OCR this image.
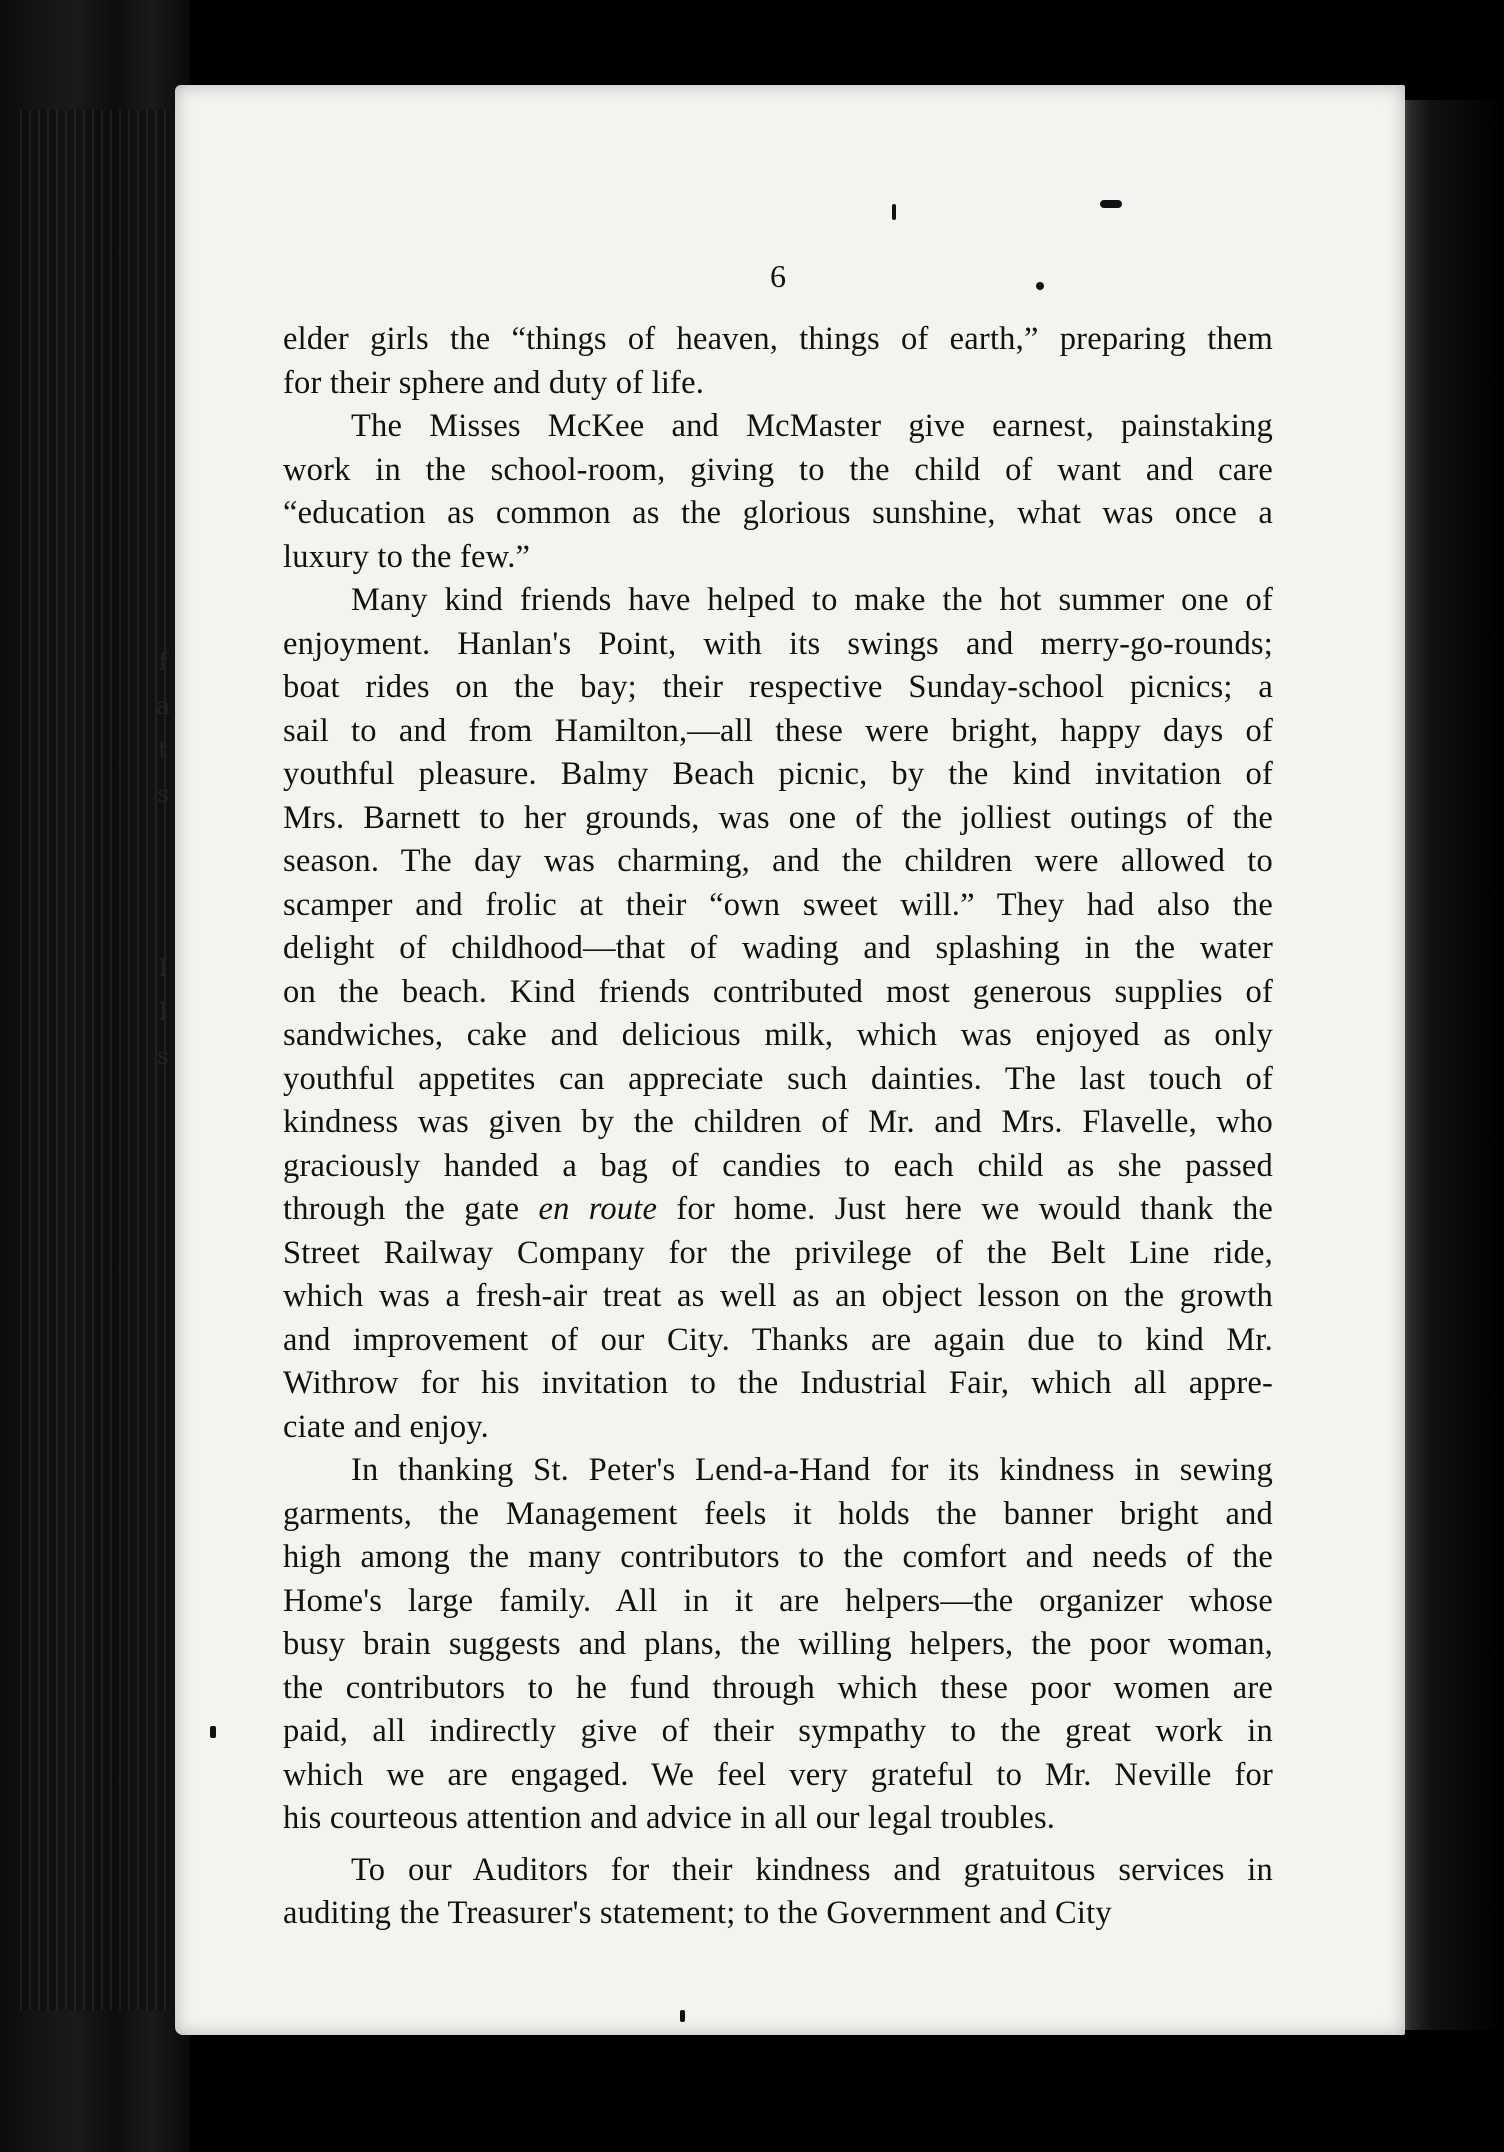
f
a
t
s
I
l
s
6
elder girls the “things of heaven, things of earth,” preparing them
for their sphere and duty of life.
The Misses McKee and McMaster give earnest, painstaking
work in the school-room, giving to the child of want and care
“education as common as the glorious sunshine, what was once a
luxury to the few.”
Many kind friends have helped to make the hot summer one of
enjoyment. Hanlan's Point, with its swings and merry-go-rounds;
boat rides on the bay; their respective Sunday-school picnics; a
sail to and from Hamilton,—all these were bright, happy days of
youthful pleasure. Balmy Beach picnic, by the kind invitation of
Mrs. Barnett to her grounds, was one of the jolliest outings of the
season. The day was charming, and the children were allowed to
scamper and frolic at their “own sweet will.” They had also the
delight of childhood—that of wading and splashing in the water
on the beach. Kind friends contributed most generous supplies of
sandwiches, cake and delicious milk, which was enjoyed as only
youthful appetites can appreciate such dainties. The last touch of
kindness was given by the children of Mr. and Mrs. Flavelle, who
graciously handed a bag of candies to each child as she passed
through the gate en route for home. Just here we would thank the
Street Railway Company for the privilege of the Belt Line ride,
which was a fresh-air treat as well as an object lesson on the growth
and improvement of our City. Thanks are again due to kind Mr.
Withrow for his invitation to the Industrial Fair, which all appre-
ciate and enjoy.
In thanking St. Peter's Lend-a-Hand for its kindness in sewing
garments, the Management feels it holds the banner bright and
high among the many contributors to the comfort and needs of the
Home's large family. All in it are helpers—the organizer whose
busy brain suggests and plans, the willing helpers, the poor woman,
the contributors to he fund through which these poor women are
paid, all indirectly give of their sympathy to the great work in
which we are engaged. We feel very grateful to Mr. Neville for
his courteous attention and advice in all our legal troubles.
To our Auditors for their kindness and gratuitous services in
auditing the Treasurer's statement; to the Government and City
